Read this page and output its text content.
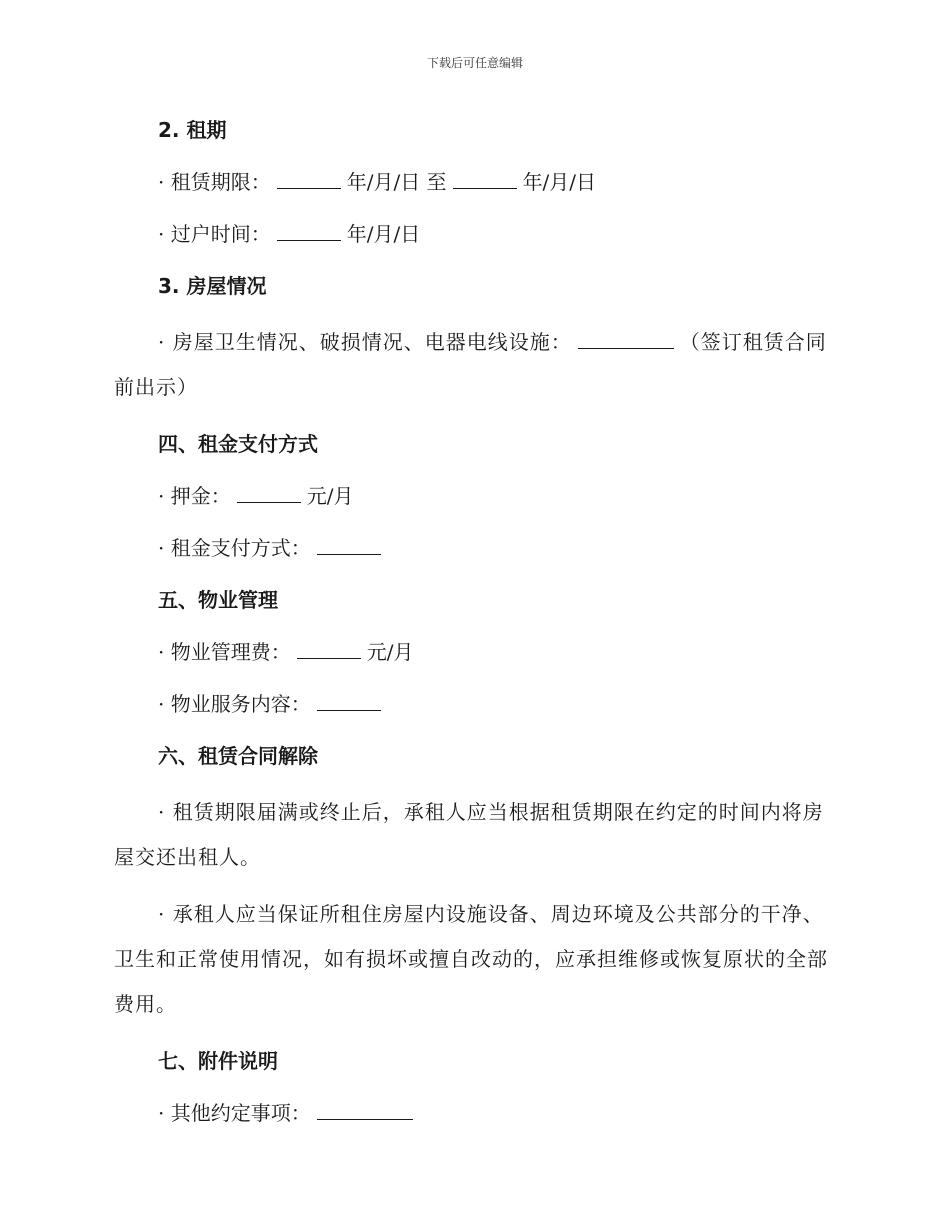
下载后可任意编辑
2. 租期
· 租赁期限：	年/月/日 至	年/月/日
· 过户时间：	年/月/日
3. 房屋情况
· 房屋卫生情况、破损情况、电器电线设施：	（签订租赁合同前出示）
四、租金支付方式
· 押金：	元/月
· 租金支付方式：
五、物业管理
· 物业管理费：	元/月
· 物业服务内容：
六、租赁合同解除
· 租赁期限届满或终止后，承租人应当根据租赁期限在约定的时间内将房屋交还出租人。
· 承租人应当保证所租住房屋内设施设备、周边环境及公共部分的干净、卫生和正常使用情况，如有损坏或擅自改动的，应承担维修或恢复原状的全部费用。
七、附件说明
· 其他约定事项：
